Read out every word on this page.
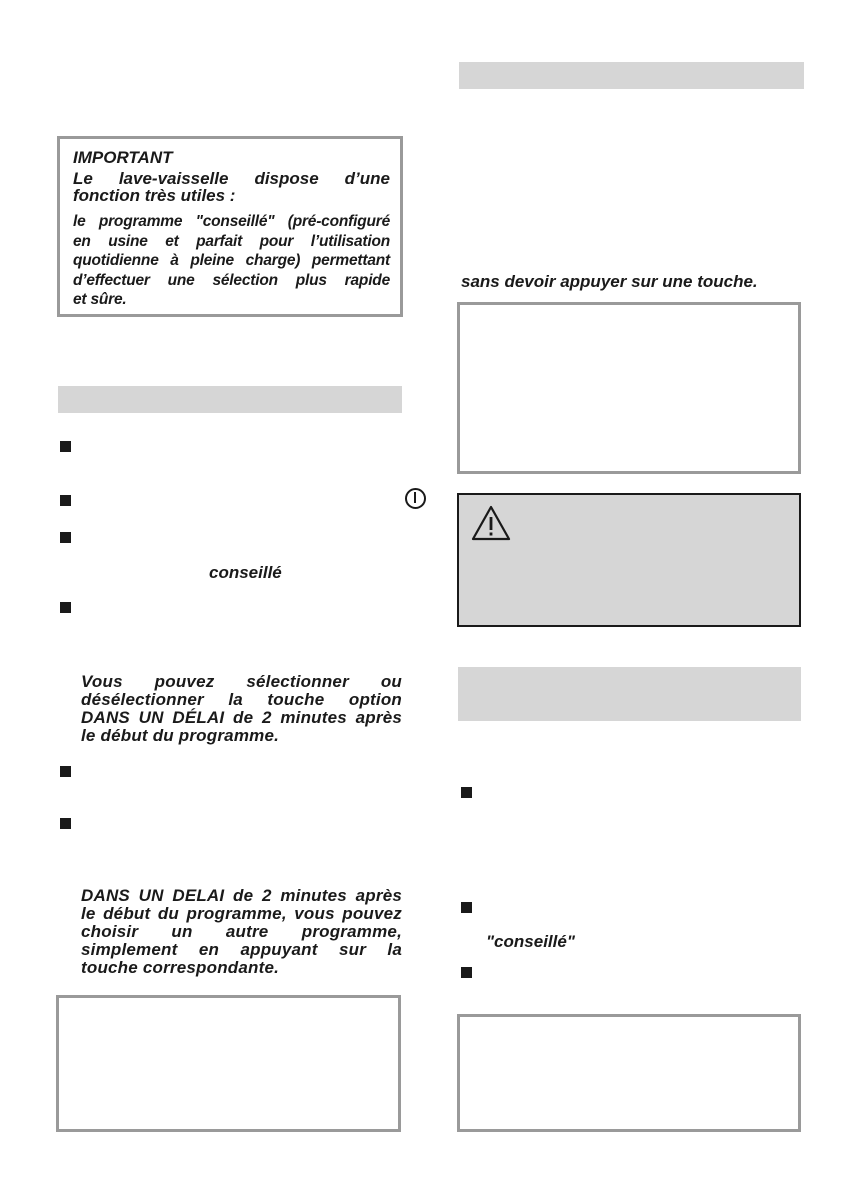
IMPORTANT
Le lave-vaisselle dispose d’une
fonction très utiles :
le programme "conseillé" (pré-configuré
en usine et parfait pour l’utilisation
quotidienne à pleine charge) permettant
d’effectuer une sélection plus rapide
et sûre.
conseillé
Vous pouvez sélectionner ou
désélectionner la touche option
DANS UN DÉLAI de 2 minutes après
le début du programme.
DANS UN DELAI de 2 minutes après
le début du programme, vous pouvez
choisir un autre programme,
simplement en appuyant sur la
touche correspondante.
sans devoir appuyer sur une touche.
"conseillé"
